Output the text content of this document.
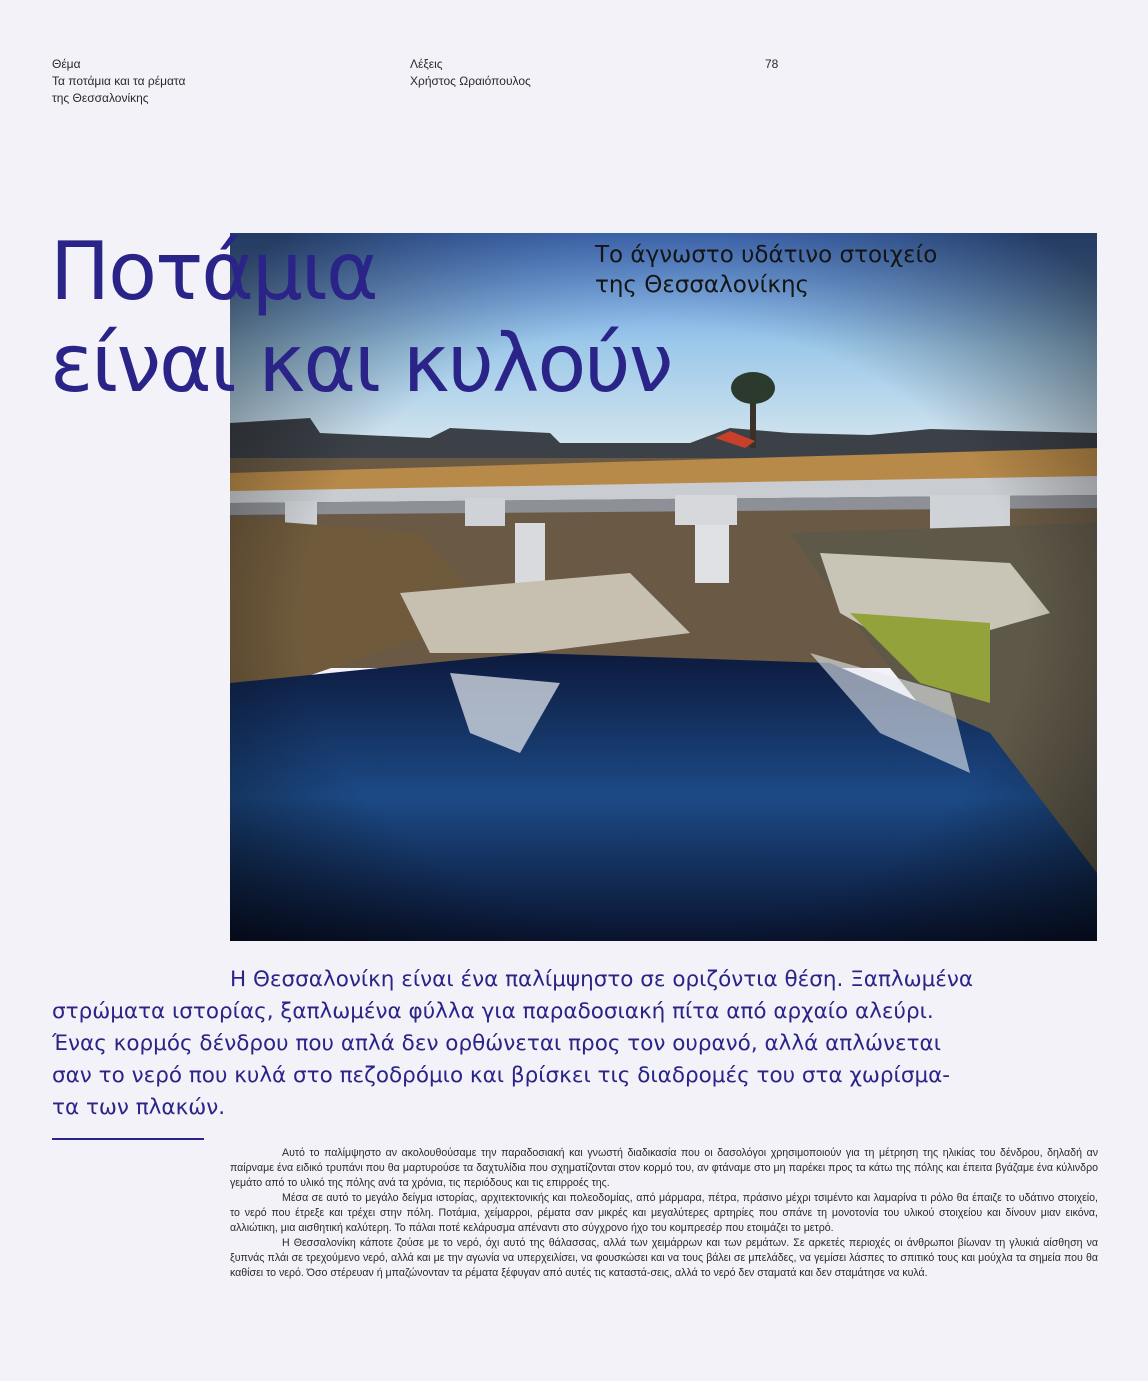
Θέμα
Τα ποτάμια και τα ρέματα
της Θεσσαλονίκης
Λέξεις
Χρήστος Ωραιόπουλος
78
Ποτάμια
είναι και κυλούν
Το άγνωστο υδάτινο στοιχείο
της Θεσσαλονίκης
Η Θεσσαλονίκη είναι ένα παλίμψηστο σε οριζόντια θέση. Ξαπλωμένα
στρώματα ιστορίας, ξαπλωμένα φύλλα για παραδοσιακή πίτα από αρχαίο αλεύρι.
Ένας κορμός δένδρου που απλά δεν ορθώνεται προς τον ουρανό, αλλά απλώνεται
σαν το νερό που κυλά στο πεζοδρόμιο και βρίσκει τις διαδρομές του στα χωρίσμα-
τα των πλακών.

Αυτό το παλίμψηστο αν ακολουθούσαμε την παραδοσιακή και γνωστή διαδικασία που οι δασολόγοι χρησιμοποιούν για τη μέτρηση της ηλικίας του δένδρου, δηλαδή αν παίρναμε ένα ειδικό τρυπάνι που θα μαρτυρούσε τα δαχτυλίδια που σχηματίζονται στον κορμό του, αν φτάναμε στο μη παρέκει προς τα κάτω της πόλης και έπειτα βγάζαμε ένα κύλινδρο γεμάτο από το υλικό της πόλης ανά τα χρόνια, τις περιόδους και τις επιρροές της.

Μέσα σε αυτό το μεγάλο δείγμα ιστορίας, αρχιτεκτονικής και πολεοδομίας, από μάρμαρα, πέτρα, πράσινο μέχρι τσιμέντο και λαμαρίνα τι ρόλο θα έπαιζε το υδάτινο στοιχείο, το νερό που έτρεξε και τρέχει στην πόλη. Ποτάμια, χείμαρροι, ρέματα σαν μικρές και μεγαλύτερες αρτηρίες που σπάνε τη μονοτονία του υλικού στοιχείου και δίνουν μιαν εικόνα, αλλιώτικη, μια αισθητική καλύτερη. Το πάλαι ποτέ κελάρυσμα απέναντι στο σύγχρονο ήχο του κομπρεσέρ που ετοιμάζει το μετρό.

Η Θεσσαλονίκη κάποτε ζούσε με το νερό, όχι αυτό της θάλασσας, αλλά των χειμάρρων και των ρεμάτων. Σε αρκετές περιοχές οι άνθρωποι βίωναν τη γλυκιά αίσθηση να ξυπνάς πλάι σε τρεχούμενο νερό, αλλά και με την αγωνία να υπερχειλίσει, να φουσκώσει και να τους βάλει σε μπελάδες, να γεμίσει λάσπες το σπιτικό τους και μούχλα τα σημεία που θα καθίσει το νερό. Όσο στέρευαν ή μπαζώνονταν τα ρέματα ξέφυγαν από αυτές τις καταστά-σεις, αλλά το νερό δεν σταματά και δεν σταμάτησε να κυλά.
